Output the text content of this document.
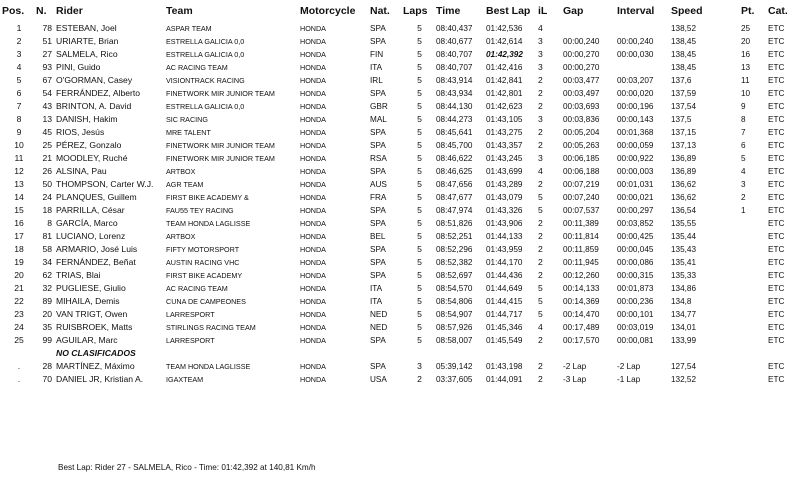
Pos.	N.	Rider	Team	Motorcycle	Nat.	Laps	Time	Best Lap	iL	Gap	Interval	Speed	Pt.	Cat.
1	78	ESTEBAN, Joel	ASPAR TEAM	HONDA	SPA	5	08:40,437	01:42,536	4			138,52	25	ETC
2	51	URIARTE, Brian	ESTRELLA GALICIA 0,0	HONDA	SPA	5	08:40,677	01:42,614	3	00:00,240	00:00,240	138,45	20	ETC
3	27	SALMELA, Rico	ESTRELLA GALICIA 0,0	HONDA	FIN	5	08:40,707	01:42,392	3	00:00,270	00:00,030	138,45	16	ETC
4	93	PINI, Guido	AC RACING TEAM	HONDA	ITA	5	08:40,707	01:42,416	3	00:00,270		138,45	13	ETC
5	67	O'GORMAN, Casey	VISIONTRACK RACING	HONDA	IRL	5	08:43,914	01:42,841	2	00:03,477	00:03,207	137,6	11	ETC
6	54	FERRÁNDEZ, Alberto	FINETWORK MIR JUNIOR TEAM	HONDA	SPA	5	08:43,934	01:42,801	2	00:03,497	00:00,020	137,59	10	ETC
7	43	BRINTON, A. David	ESTRELLA GALICIA 0,0	HONDA	GBR	5	08:44,130	01:42,623	2	00:03,693	00:00,196	137,54	9	ETC
8	13	DANISH, Hakim	SIC RACING	HONDA	MAL	5	08:44,273	01:43,105	3	00:03,836	00:00,143	137,5	8	ETC
9	45	RIOS, Jesús	MRE TALENT	HONDA	SPA	5	08:45,641	01:43,275	2	00:05,204	00:01,368	137,15	7	ETC
10	25	PÉREZ, Gonzalo	FINETWORK MIR JUNIOR TEAM	HONDA	SPA	5	08:45,700	01:43,357	2	00:05,263	00:00,059	137,13	6	ETC
11	21	MOODLEY, Ruché	FINETWORK MIR JUNIOR TEAM	HONDA	RSA	5	08:46,622	01:43,245	3	00:06,185	00:00,922	136,89	5	ETC
12	26	ALSINA, Pau	ARTBOX	HONDA	SPA	5	08:46,625	01:43,699	4	00:06,188	00:00,003	136,89	4	ETC
13	50	THOMPSON, Carter W.J.	AGR TEAM	HONDA	AUS	5	08:47,656	01:43,289	2	00:07,219	00:01,031	136,62	3	ETC
14	24	PLANQUES, Guillem	FIRST BIKE ACADEMY &	HONDA	FRA	5	08:47,677	01:43,079	5	00:07,240	00:00,021	136,62	2	ETC
15	18	PARRILLA, César	FAU55 TEY RACING	HONDA	SPA	5	08:47,974	01:43,326	5	00:07,537	00:00,297	136,54	1	ETC
16	8	GARCÍA, Marco	TEAM HONDA LAGLISSE	HONDA	SPA	5	08:51,826	01:43,906	2	00:11,389	00:03,852	135,55		ETC
17	81	LUCIANO, Lorenz	ARTBOX	HONDA	BEL	5	08:52,251	01:44,133	2	00:11,814	00:00,425	135,44		ETC
18	58	ARMARIO, José Luis	FIFTY MOTORSPORT	HONDA	SPA	5	08:52,296	01:43,959	2	00:11,859	00:00,045	135,43		ETC
19	34	FERNÁNDEZ, Beñat	AUSTIN RACING VHC	HONDA	SPA	5	08:52,382	01:44,170	2	00:11,945	00:00,086	135,41		ETC
20	62	TRIAS, Blai	FIRST BIKE ACADEMY	HONDA	SPA	5	08:52,697	01:44,436	2	00:12,260	00:00,315	135,33		ETC
21	32	PUGLIESE, Giulio	AC RACING TEAM	HONDA	ITA	5	08:54,570	01:44,649	5	00:14,133	00:01,873	134,86		ETC
22	89	MIHAILA, Demis	CUNA DE CAMPEONES	HONDA	ITA	5	08:54,806	01:44,415	5	00:14,369	00:00,236	134,8		ETC
23	20	VAN TRIGT, Owen	LARRESPORT	HONDA	NED	5	08:54,907	01:44,717	5	00:14,470	00:00,101	134,77		ETC
24	35	RUISBROEK, Matts	STIRLINGS RACING TEAM	HONDA	NED	5	08:57,926	01:45,346	4	00:17,489	00:03,019	134,01		ETC
25	99	AGUILAR, Marc	LARRESPORT	HONDA	SPA	5	08:58,007	01:45,549	2	00:17,570	00:00,081	133,99		ETC
		NO CLASIFICADOS												
.	28	MARTÍNEZ, Máximo	TEAM HONDA LAGLISSE	HONDA	SPA	3	05:39,142	01:43,198	2	-2 Lap	-2 Lap	127,54		ETC
.	70	DANIEL JR, Kristian A.	IGAXTEAM	HONDA	USA	2	03:37,605	01:44,091	2	-3 Lap	-1 Lap	132,52		ETC
Best Lap: Rider 27 - SALMELA, Rico - Time: 01:42,392 at 140,81 Km/h
